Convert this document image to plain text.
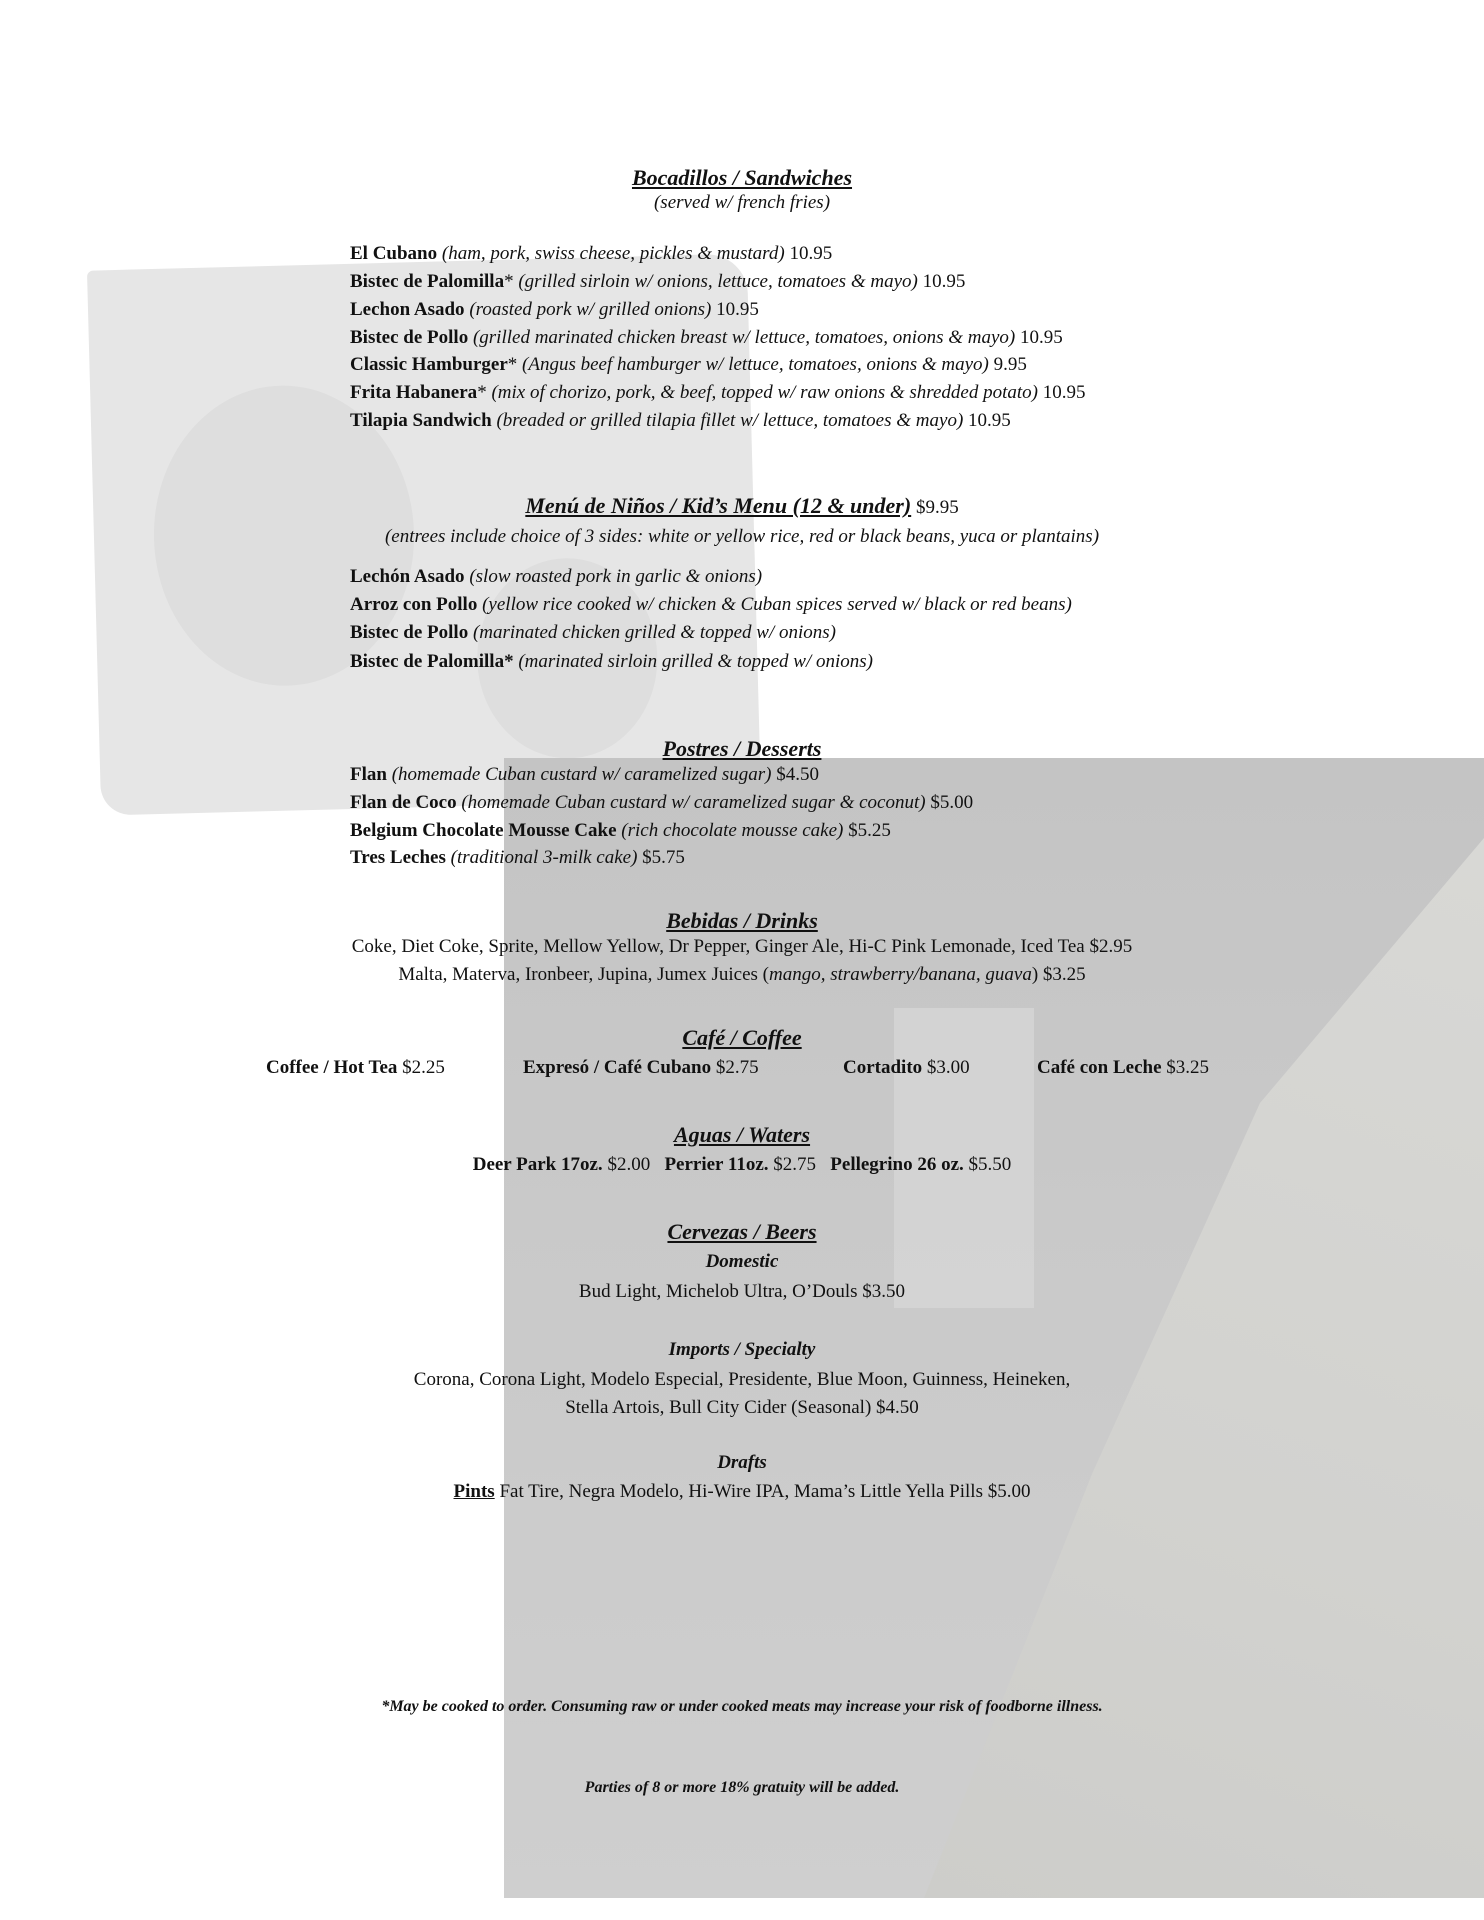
Bocadillos / Sandwiches
(served w/ french fries)
El Cubano (ham, pork, swiss cheese, pickles & mustard) 10.95
Bistec de Palomilla* (grilled sirloin w/ onions, lettuce, tomatoes & mayo) 10.95
Lechon Asado (roasted pork w/ grilled onions) 10.95
Bistec de Pollo (grilled marinated chicken breast w/ lettuce, tomatoes, onions & mayo) 10.95
Classic Hamburger* (Angus beef hamburger w/ lettuce, tomatoes, onions & mayo) 9.95
Frita Habanera* (mix of chorizo, pork, & beef, topped w/ raw onions & shredded potato) 10.95
Tilapia Sandwich (breaded or grilled tilapia fillet w/ lettuce, tomatoes & mayo) 10.95
Menú de Niños / Kid’s Menu (12 & under) $9.95
(entrees include choice of 3 sides: white or yellow rice, red or black beans, yuca or plantains)
Lechón Asado (slow roasted pork in garlic & onions)
Arroz con Pollo (yellow rice cooked w/ chicken & Cuban spices served w/ black or red beans)
Bistec de Pollo (marinated chicken grilled & topped w/ onions)
Bistec de Palomilla* (marinated sirloin grilled & topped w/ onions)
Postres / Desserts
Flan (homemade Cuban custard w/ caramelized sugar) $4.50
Flan de Coco (homemade Cuban custard w/ caramelized sugar & coconut) $5.00
Belgium Chocolate Mousse Cake (rich chocolate mousse cake) $5.25
Tres Leches (traditional 3-milk cake) $5.75
Bebidas / Drinks
Coke, Diet Coke, Sprite, Mellow Yellow, Dr Pepper, Ginger Ale, Hi-C Pink Lemonade, Iced Tea $2.95
Malta, Materva, Ironbeer, Jupina, Jumex Juices (mango, strawberry/banana, guava) $3.25
Café / Coffee
Coffee / Hot Tea $2.25	Expresó / Café Cubano $2.75	Cortadito $3.00	Café con Leche $3.25
Aguas / Waters
Deer Park 17oz. $2.00 Perrier 11oz. $2.75 Pellegrino 26 oz. $5.50
Cervezas / Beers
Domestic
Bud Light, Michelob Ultra, O’Douls $3.50
Imports / Specialty
Corona, Corona Light, Modelo Especial, Presidente, Blue Moon, Guinness, Heineken,
Stella Artois, Bull City Cider (Seasonal) $4.50
Drafts
Pints Fat Tire, Negra Modelo, Hi-Wire IPA, Mama’s Little Yella Pills $5.00
*May be cooked to order. Consuming raw or under cooked meats may increase your risk of foodborne illness.
Parties of 8 or more 18% gratuity will be added.
